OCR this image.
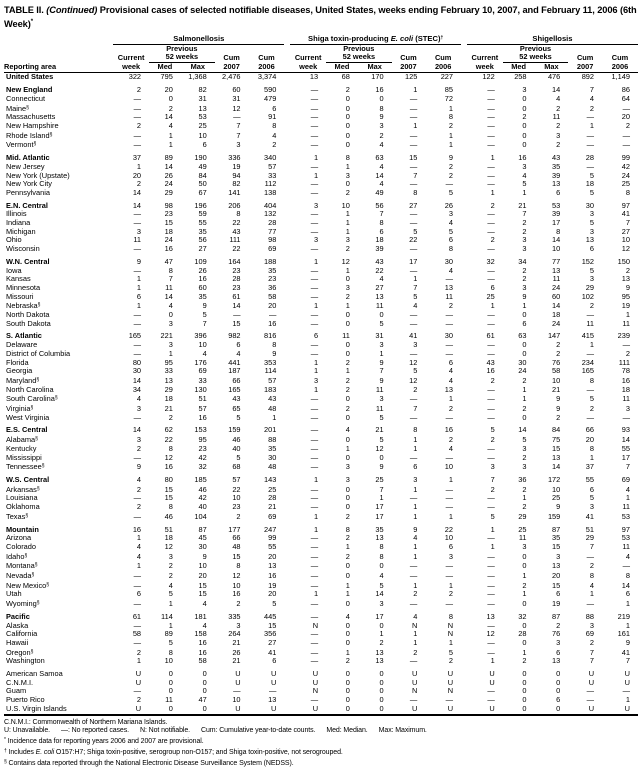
TABLE II. (Continued) Provisional cases of selected notifiable diseases, United States, weeks ending February 10, 2007, and February 11, 2006 (6th Week)*
	Salmonellosis						Shiga toxin-producing E. coli (STEC)†						Shigellosis				
		Previous						Previous						Previous			
	Current	52 weeks		Cum	Cum		Current	52 weeks		Cum	Cum		Current	52 weeks		Cum	Cum
Reporting area	week	Med	Max	2007	2006		week	Med	Max	2007	2006		week	Med	Max	2007	2006
United States	322	795	1,368	2,476	3,374		13	68	170	125	227		122	258	476	892	1,149
New England	2	20	82	60	590		—	2	16	1	85		—	3	14	7	86
Connecticut	—	0	31	31	479		—	0	0	—	72		—	0	4	4	64
Maine§	—	2	13	12	6		—	0	8	—	1		—	0	2	2	—
Massachusetts	—	14	53	—	91		—	0	9	—	8		—	2	11	—	20
New Hampshire	2	4	25	7	8		—	0	3	1	2		—	0	2	1	2
Rhode Island§	—	1	10	7	4		—	0	2	—	1		—	0	3	—	—
Vermont§	—	1	6	3	2		—	0	4	—	1		—	0	2	—	—
Mid. Atlantic	37	89	190	336	340		1	8	63	15	9		1	16	43	28	99
New Jersey	1	14	49	19	57		—	1	4	—	2		—	3	35	—	42
New York (Upstate)	20	26	84	94	33		1	3	14	7	2		—	4	39	5	24
New York City	2	24	50	82	112		—	0	4	—	—		—	5	13	18	25
Pennsylvania	14	29	67	141	138		—	2	49	8	5		1	1	6	5	8
E.N. Central	14	98	196	206	404		3	10	56	27	26		2	21	53	30	97
Illinois	—	23	59	8	132		—	1	7	—	3		—	7	39	3	41
Indiana	—	15	55	22	28		—	1	8	—	4		—	2	17	5	7
Michigan	3	18	35	43	77		—	1	6	5	5		—	2	8	3	27
Ohio	11	24	56	111	98		3	3	18	22	6		2	3	14	13	10
Wisconsin	—	16	27	22	69		—	2	39	—	8		—	3	10	6	12
W.N. Central	9	47	109	164	188		1	12	43	17	30		32	34	77	152	150
Iowa	—	8	26	23	35		—	1	22	—	4		—	2	13	5	2
Kansas	1	7	16	28	23		—	0	4	1	—		—	2	11	3	13
Minnesota	1	11	60	23	36		—	3	27	7	13		6	3	24	29	9
Missouri	6	14	35	61	58		—	2	13	5	11		25	9	60	102	95
Nebraska§	1	4	9	14	20		1	1	11	4	2		1	1	14	2	19
North Dakota	—	0	5	—	—		—	0	0	—	—		—	0	18	—	1
South Dakota	—	3	7	15	16		—	0	5	—	—		—	6	24	11	11
S. Atlantic	165	221	396	982	816		6	11	31	41	30		61	63	147	415	239
Delaware	—	3	10	6	8		—	0	3	3	—		—	0	2	1	—
District of Columbia	—	1	4	4	9		—	0	1	—	—		—	0	2	—	2
Florida	80	95	176	441	353		1	2	9	12	6		43	30	76	234	111
Georgia	30	33	69	187	114		1	1	7	5	4		16	24	58	165	78
Maryland§	14	13	33	66	57		3	2	9	12	4		2	2	10	8	16
North Carolina	34	29	130	165	183		1	2	11	2	13		—	1	21	—	18
South Carolina§	4	18	51	43	43		—	0	3	—	1		—	1	9	5	11
Virginia§	3	21	57	65	48		—	2	11	7	2		—	2	9	2	3
West Virginia	—	2	16	5	1		—	0	5	—	—		—	0	2	—	—
E.S. Central	14	62	153	159	201		—	4	21	8	16		5	14	84	66	93
Alabama§	3	22	95	46	88		—	0	5	1	2		2	5	75	20	14
Kentucky	2	8	23	40	35		—	1	12	1	4		—	3	15	8	55
Mississippi	—	12	42	5	30		—	0	0	—	—		—	2	13	1	17
Tennessee§	9	16	32	68	48		—	3	9	6	10		3	3	14	37	7
W.S. Central	4	80	185	57	143		1	3	25	3	1		7	36	172	55	69
Arkansas§	2	15	46	22	25		—	0	7	1	—		2	2	10	6	4
Louisiana	—	15	42	10	28		—	0	1	—	—		—	1	25	5	1
Oklahoma	2	8	40	23	21		—	0	17	1	—		—	2	9	3	11
Texas§	—	46	104	2	69		1	2	17	1	1		5	29	159	41	53
Mountain	16	51	87	177	247		1	8	35	9	22		1	25	87	51	97
Arizona	1	18	45	66	99		—	2	13	4	10		—	11	35	29	53
Colorado	4	12	30	48	55		—	1	8	1	6		1	3	15	7	11
Idaho§	4	3	9	15	20		—	2	8	1	3		—	0	3	—	4
Montana§	1	2	10	8	13		—	0	0	—	—		—	0	13	2	—
Nevada§	—	2	20	12	16		—	0	4	—	—		—	1	20	8	8
New Mexico§	—	4	15	10	19		—	1	5	1	1		—	2	15	4	14
Utah	6	5	15	16	20		1	1	14	2	2		—	1	6	1	6
Wyoming§	—	1	4	2	5		—	0	3	—	—		—	0	19	—	1
Pacific	61	114	181	335	445		—	4	17	4	8		13	32	87	88	219
Alaska	—	1	4	3	15		N	0	0	N	N		—	0	2	3	1
California	58	89	158	264	356		—	0	1	1	N		12	28	76	69	161
Hawaii	—	5	16	21	27		—	0	2	1	1		—	0	3	2	9
Oregon§	2	8	16	26	41		—	1	13	2	5		—	1	6	7	41
Washington	1	10	58	21	6		—	2	13	—	2		1	2	13	7	7
American Samoa	U	0	0	U	U		U	0	0	U	U		U	0	0	U	U
C.N.M.I.	U	0	0	U	U		U	0	0	U	U		U	0	0	U	U
Guam	—	0	0	—	—		N	0	0	N	N		—	0	0	—	—
Puerto Rico	2	11	47	10	13		—	0	0	—	—		—	0	6	—	1
U.S. Virgin Islands	U	0	0	U	U		U	0	0	U	U		U	0	0	U	U
C.N.M.I.: Commonwealth of Northern Mariana Islands.
U: Unavailable.      —: No reported cases.      N: Not notifiable.      Cum: Cumulative year-to-date counts.      Med: Median.      Max: Maximum.
* Incidence data for reporting years 2006 and 2007 are provisional.
† Includes E. coli O157:H7; Shiga toxin-positive, serogroup non-O157; and Shiga toxin-positive, not serogrouped.
§ Contains data reported through the National Electronic Disease Surveillance System (NEDSS).
